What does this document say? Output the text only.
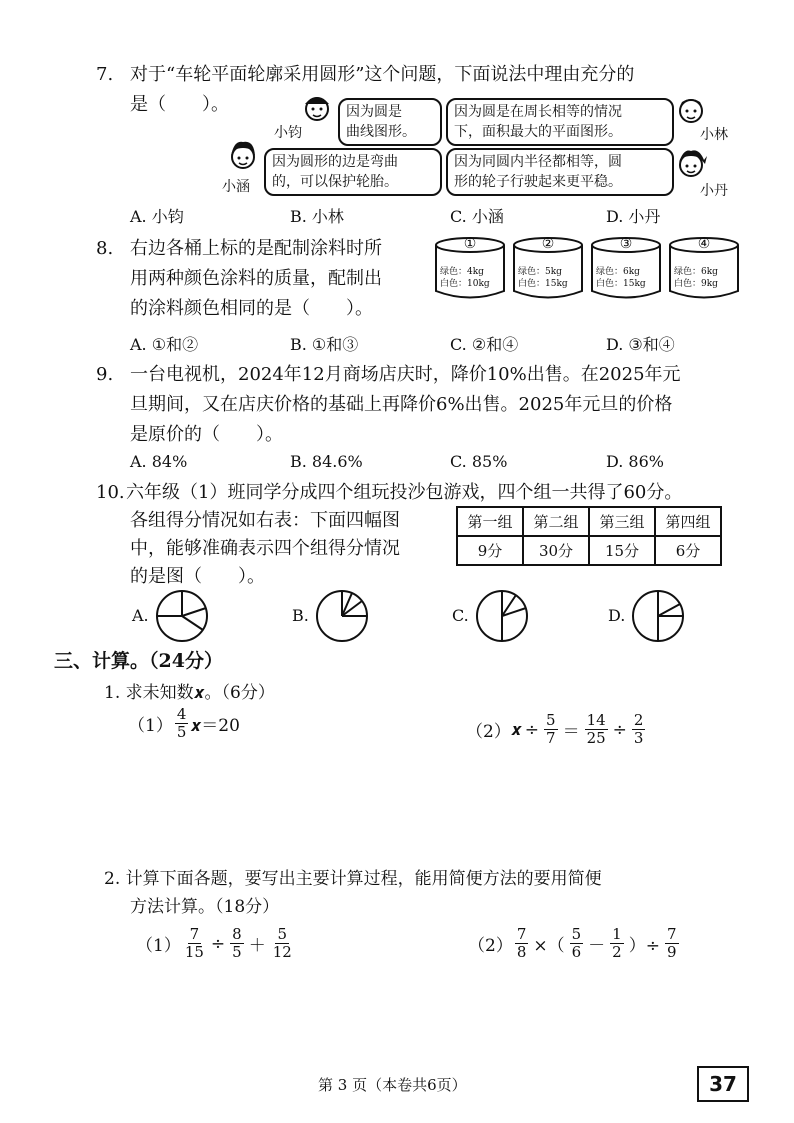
7. 对于“车轮平面轮廓采用圆形”这个问题，下面说法中理由充分的
是（　　）。
小钧
因为圆是
曲线图形。
因为圆是在周长相等的情况
下，面积最大的平面图形。	小林
小涵
因为圆形的边是弯曲
的，可以保护轮胎。
因为同圆内半径都相等，圆
形的轮子行驶起来更平稳。
小丹
A. 小钧	B. 小林	C. 小涵	D. 小丹
8. 右边各桶上标的是配制涂料时所
用两种颜色涂料的质量，配制出
的涂料颜色相同的是（　　）。
①
绿色：4kg
白色：10kg
②
绿色：5kg
白色：15kg
③
绿色：6kg
白色：15kg
④
绿色：6kg
白色：9kg
A. ①和②	B. ①和③	C. ②和④	D. ③和④
9. 一台电视机，2024年12月商场店庆时，降价10%出售。在2025年元
旦期间，又在店庆价格的基础上再降价6%出售。2025年元旦的价格
是原价的（　　）。
A. 84%	B. 84.6%	C. 85%	D. 86%
10. 六年级（1）班同学分成四个组玩投沙包游戏，四个组一共得了60分。
各组得分情况如右表：下面四幅图
中，能够准确表示四个组得分情况
的是图（　　）。
第一组	第二组	第三组	第四组
9分	30分	15分	6分
A.	B.	C.	D.
三、计算。（24分）
1. 求未知数𝒙。（6分）
$(1) \frac{4}{5}$ 𝒙＝20	（2） 𝒙 ÷ $\frac{5}{7} = \frac{14}{25} \div \frac{2}{3}$
2. 计算下面各题，要写出主要计算过程，能用简便方法的要用简便
方法计算。（18分）
$(1) \frac{7}{15} \div \frac{8}{5} + \frac{5}{12}$	$(2) \frac{7}{8}$ ×（ $\frac{5}{6} - \frac{1}{2}$ ）÷ $\frac{7}{9}$
第 3 页（本卷共6页）	37
